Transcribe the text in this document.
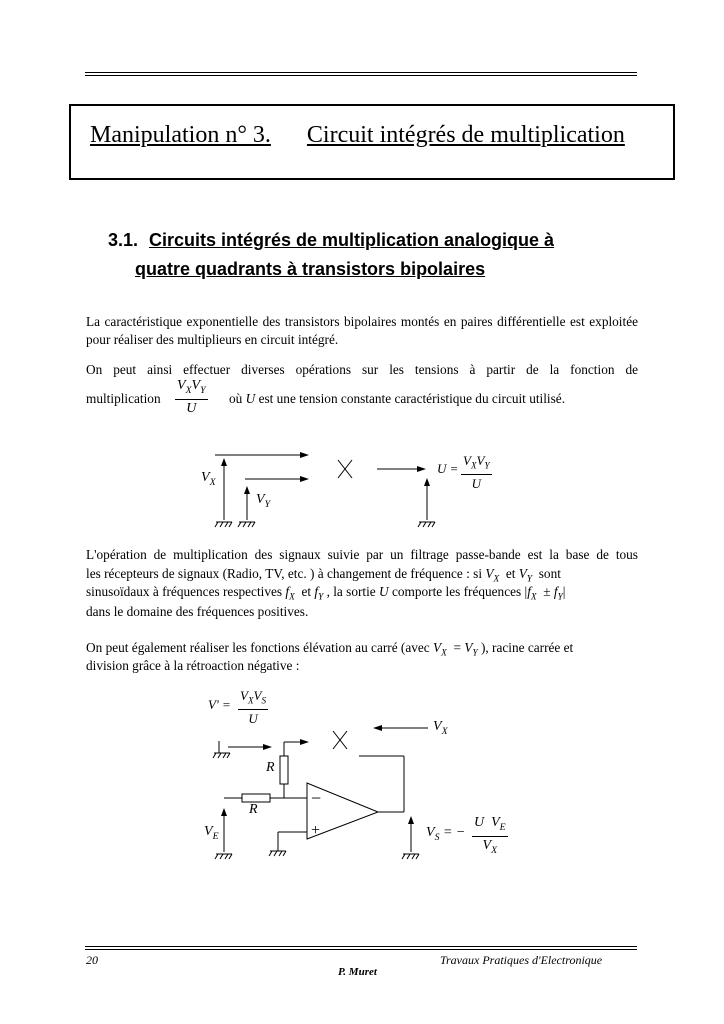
Manipulation n° 3. Circuit intégrés de multiplication
3.1. Circuits intégrés de multiplication analogique à
quatre quadrants à transistors bipolaires
La caractéristique exponentielle des transistors bipolaires montés en paires différentielle est exploitée pour réaliser des multiplieurs en circuit intégré.
On peut ainsi effectuer diverses opérations sur les tensions à partir de la fonction de
multiplication
$V_XV_Y$
U
où U est une tension constante caractéristique du circuit utilisé.
$V_X$
$V_Y$
U =
$V_XV_Y$
U
L'opération de multiplication des signaux suivie par un filtrage passe-bande est la base de tous
les récepteurs de signaux (Radio, TV, etc. ) à changement de fréquence : si $V_X$ et $V_Y$ sont
sinusoïdaux à fréquences respectives $f_X$ et $f_Y$ , la sortie U comporte les fréquences $|f_X \pm f_Y|$
dans le domaine des fréquences positives.
On peut également réaliser les fonctions élévation au carré (avec $V_X = V_Y$ ), racine carrée et
division grâce à la rétroaction négative :
V' =
$V_XV_S$
U
$V_X$
R
R
$V_E$
−
+	$V_S$ = − $\frac{U V_E}{V_X}$
20	Travaux Pratiques d'Electronique
P. Muret
